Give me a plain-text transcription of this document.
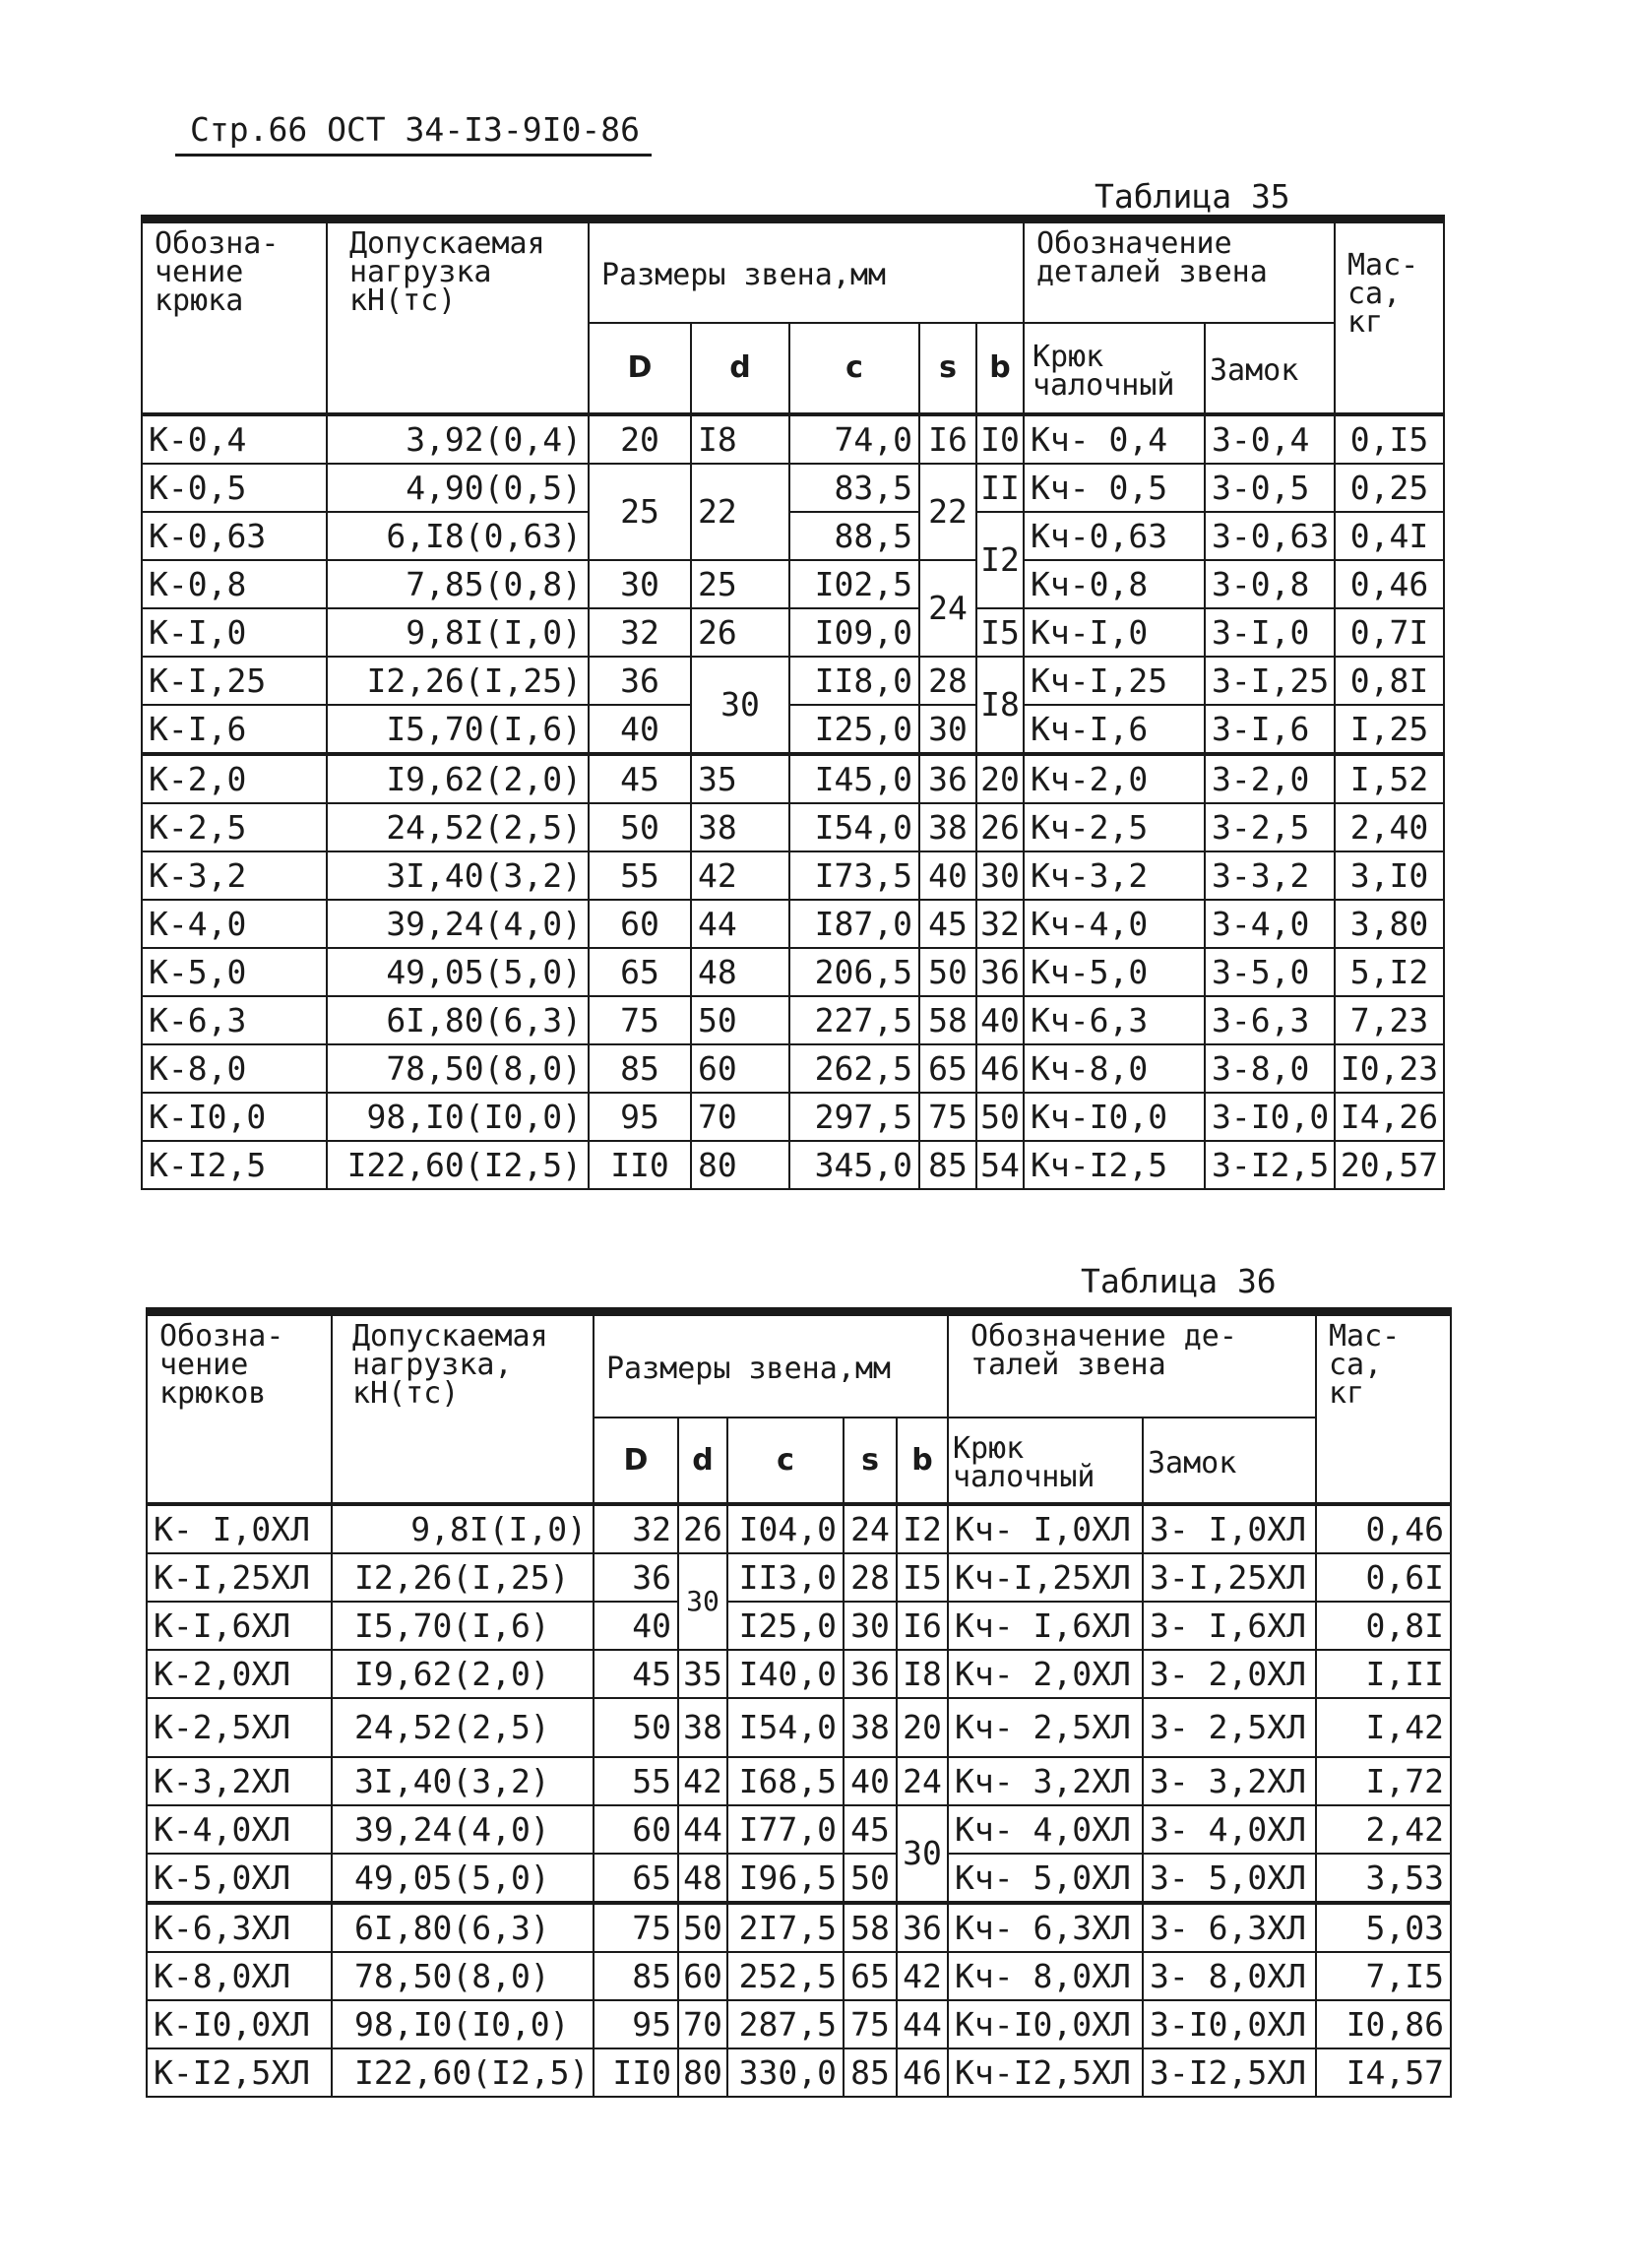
Стр.66 ОСТ 34-I3-9I0-86
Таблица 35
Обозна-
чение
крюка	Допускаемая
нагрузка
кН(тс)	Размеры звена,мм					Обозначение
деталей звена		Мас-
са,
кг
		D	d	c	s	b	Крюк
чалочный	Замок	
К-0,4	3,92(0,4)	20	I8	74,0	I6	I0	Кч- 0,4	З-0,4	0,I5
К-0,5	4,90(0,5)	25	22	83,5	22	II	Кч- 0,5	З-0,5	0,25
К-0,63	6,I8(0,63)			88,5		I2	Кч-0,63	З-0,63	0,4I
К-0,8	7,85(0,8)	30	25	I02,5	24		Кч-0,8	З-0,8	0,46
К-I,0	9,8I(I,0)	32	26	I09,0		I5	Кч-I,0	З-I,0	0,7I
К-I,25	I2,26(I,25)	36	30	II8,0	28	I8	Кч-I,25	З-I,25	0,8I
К-I,6	I5,70(I,6)	40		I25,0	30		Кч-I,6	З-I,6	I,25
К-2,0	I9,62(2,0)	45	35	I45,0	36	20	Кч-2,0	З-2,0	I,52
К-2,5	24,52(2,5)	50	38	I54,0	38	26	Кч-2,5	З-2,5	2,40
К-3,2	3I,40(3,2)	55	42	I73,5	40	30	Кч-3,2	З-3,2	3,I0
К-4,0	39,24(4,0)	60	44	I87,0	45	32	Кч-4,0	З-4,0	3,80
К-5,0	49,05(5,0)	65	48	206,5	50	36	Кч-5,0	З-5,0	5,I2
К-6,3	6I,80(6,3)	75	50	227,5	58	40	Кч-6,3	З-6,3	7,23
К-8,0	78,50(8,0)	85	60	262,5	65	46	Кч-8,0	З-8,0	I0,23
К-I0,0	98,I0(I0,0)	95	70	297,5	75	50	Кч-I0,0	З-I0,0	I4,26
К-I2,5	I22,60(I2,5)	II0	80	345,0	85	54	Кч-I2,5	З-I2,5	20,57
Таблица 36
Обозна-
чение
крюков	Допускаемая
нагрузка,
кН(тс)	Размеры звена,мм					Обозначение де-
талей звена		Мас-
са,
кг
		D	d	c	s	b	Крюк
чалочный	Замок	
К- I,0ХЛ	9,8I(I,0)	32	26	I04,0	24	I2	Кч- I,0ХЛ	З- I,0ХЛ	0,46
К-I,25ХЛ	I2,26(I,25)	36	30	II3,0	28	I5	Кч-I,25ХЛ	З-I,25ХЛ	0,6I
К-I,6ХЛ	I5,70(I,6)	40		I25,0	30	I6	Кч- I,6ХЛ	З- I,6ХЛ	0,8I
К-2,0ХЛ	I9,62(2,0)	45	35	I40,0	36	I8	Кч- 2,0ХЛ	З- 2,0ХЛ	I,II
К-2,5ХЛ	24,52(2,5)	50	38	I54,0	38	20	Кч- 2,5ХЛ	З- 2,5ХЛ	I,42
К-3,2ХЛ	3I,40(3,2)	55	42	I68,5	40	24	Кч- 3,2ХЛ	З- 3,2ХЛ	I,72
К-4,0ХЛ	39,24(4,0)	60	44	I77,0	45	30	Кч- 4,0ХЛ	З- 4,0ХЛ	2,42
К-5,0ХЛ	49,05(5,0)	65	48	I96,5	50		Кч- 5,0ХЛ	З- 5,0ХЛ	3,53
К-6,3ХЛ	6I,80(6,3)	75	50	2I7,5	58	36	Кч- 6,3ХЛ	З- 6,3ХЛ	5,03
К-8,0ХЛ	78,50(8,0)	85	60	252,5	65	42	Кч- 8,0ХЛ	З- 8,0ХЛ	7,I5
К-I0,0ХЛ	98,I0(I0,0)	95	70	287,5	75	44	Кч-I0,0ХЛ	З-I0,0ХЛ	I0,86
К-I2,5ХЛ	I22,60(I2,5)	II0	80	330,0	85	46	Кч-I2,5ХЛ	З-I2,5ХЛ	I4,57
